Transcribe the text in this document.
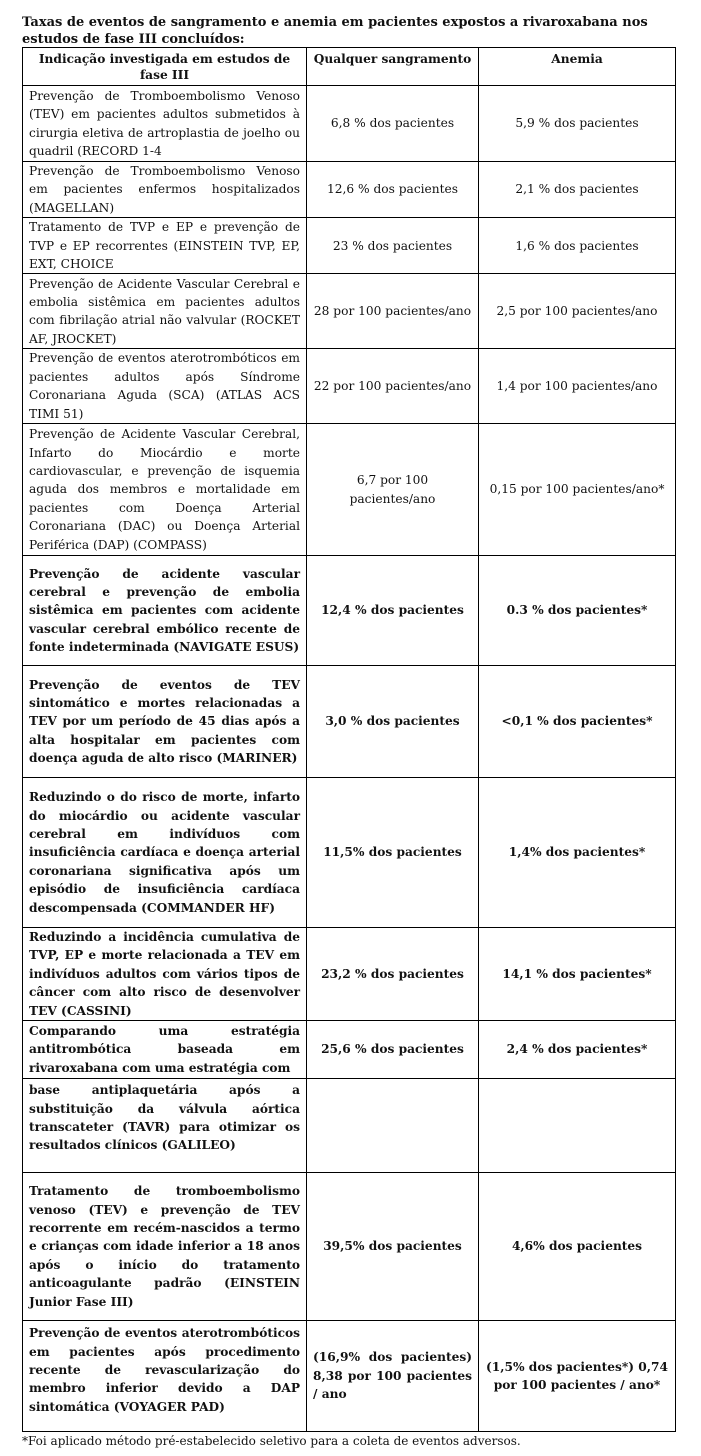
Taxas de eventos de sangramento e anemia em pacientes expostos a rivaroxabana nos estudos de fase III concluídos:
Indicação investigada em estudos de fase III	Qualquer sangramento	Anemia
Prevenção de Tromboembolismo Venoso (TEV) em pacientes adultos submetidos à cirurgia eletiva de artroplastia de joelho ou quadril (RECORD 1-4	6,8 % dos pacientes	5,9 % dos pacientes
Prevenção de Tromboembolismo Venoso em pacientes enfermos hospitalizados (MAGELLAN)	12,6 % dos pacientes	2,1 % dos pacientes
Tratamento de TVP e EP e prevenção de TVP e EP recorrentes (EINSTEIN TVP, EP, EXT, CHOICE	23 % dos pacientes	1,6 % dos pacientes
Prevenção de Acidente Vascular Cerebral e embolia sistêmica em pacientes adultos com fibrilação atrial não valvular (ROCKET AF, JROCKET)	28 por 100 pacientes/ano	2,5 por 100 pacientes/ano
Prevenção de eventos aterotrombóticos em pacientes adultos após Síndrome Coronariana Aguda (SCA) (ATLAS ACS TIMI 51)	22 por 100 pacientes/ano	1,4 por 100 pacientes/ano
Prevenção de Acidente Vascular Cerebral, Infarto do Miocárdio e morte cardiovascular, e prevenção de isquemia aguda dos membros e mortalidade em pacientes com Doença Arterial Coronariana (DAC) ou Doença Arterial Periférica (DAP) (COMPASS)	6,7 por 100 pacientes/ano	0,15 por 100 pacientes/ano*
Prevenção de acidente vascular cerebral e prevenção de embolia sistêmica em pacientes com acidente vascular cerebral embólico recente de fonte indeterminada (NAVIGATE ESUS)	12,4 % dos pacientes	0.3 % dos pacientes*
Prevenção de eventos de TEV sintomático e mortes relacionadas a TEV por um período de 45 dias após a alta hospitalar em pacientes com doença aguda de alto risco (MARINER)	3,0 % dos pacientes	<0,1 % dos pacientes*
Reduzindo o do risco de morte, infarto do miocárdio ou acidente vascular cerebral em indivíduos com insuficiência cardíaca e doença arterial coronariana significativa após um episódio de insuficiência cardíaca descompensada (COMMANDER HF)	11,5% dos pacientes	1,4% dos pacientes*
Reduzindo a incidência cumulativa de TVP, EP e morte relacionada a TEV em indivíduos adultos com vários tipos de câncer com alto risco de desenvolver TEV (CASSINI)	23,2 % dos pacientes	14,1 % dos pacientes*
Comparando uma estratégia antitrombótica baseada em rivaroxabana com uma estratégia com	25,6 % dos pacientes	2,4 % dos pacientes*
base antiplaquetária após a substituição da válvula aórtica transcateter (TAVR) para otimizar os resultados clínicos (GALILEO)		
Tratamento de tromboembolismo venoso (TEV) e prevenção de TEV recorrente em recém-nascidos a termo e crianças com idade inferior a 18 anos após o início do tratamento anticoagulante padrão (EINSTEIN Junior Fase III)	39,5% dos pacientes	4,6% dos pacientes
Prevenção de eventos aterotrombóticos em pacientes após procedimento recente de revascularização do membro inferior devido a DAP sintomática (VOYAGER PAD)	(16,9% dos pacientes) 8,38 por 100 pacientes / ano	(1,5% dos pacientes*) 0,74 por 100 pacientes / ano*
*Foi aplicado método pré-estabelecido seletivo para a coleta de eventos adversos.
